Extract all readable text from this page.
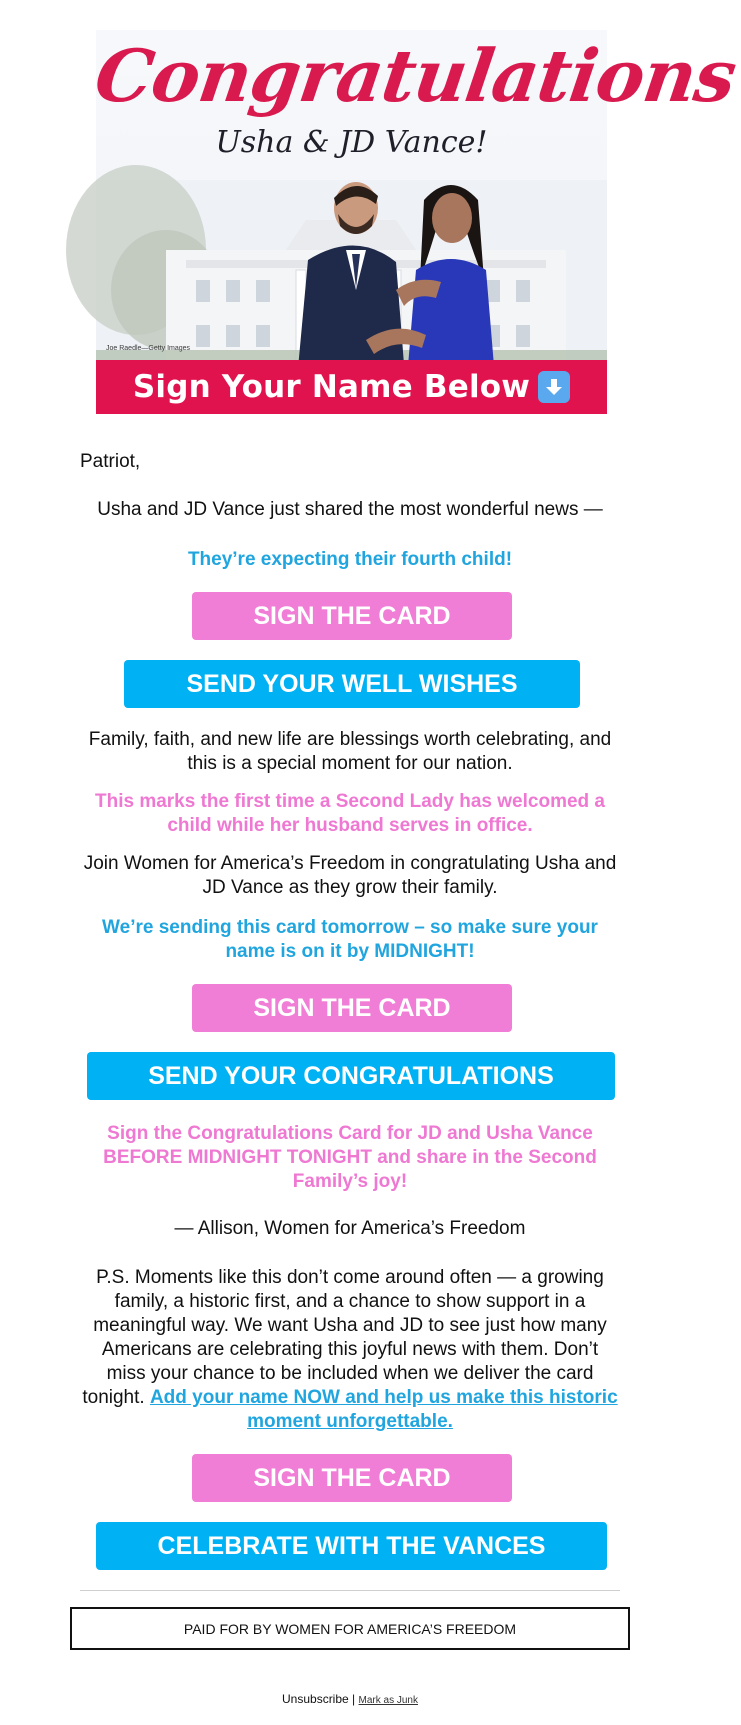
Congratulations
Usha & JD Vance!
Joe Raedle—Getty Images
Sign Your Name Below
Patriot,
Usha and JD Vance just shared the most wonderful news —
They’re expecting their fourth child!
SIGN THE CARD
SEND YOUR WELL WISHES
Family, faith, and new life are blessings worth celebrating, and this is a special moment for our nation.
This marks the first time a Second Lady has welcomed a child while her husband serves in office.
Join Women for America’s Freedom in congratulating Usha and JD Vance as they grow their family.
We’re sending this card tomorrow – so make sure your name is on it by MIDNIGHT!
SIGN THE CARD
SEND YOUR CONGRATULATIONS
Sign the Congratulations Card for JD and Usha Vance BEFORE MIDNIGHT TONIGHT and share in the Second Family’s joy!
— Allison, Women for America’s Freedom
P.S. Moments like this don’t come around often — a growing family, a historic first, and a chance to show support in a meaningful way. We want Usha and JD to see just how many Americans are celebrating this joyful news with them. Don’t miss your chance to be included when we deliver the card tonight. Add your name NOW and help us make this historic moment unforgettable.
SIGN THE CARD
CELEBRATE WITH THE VANCES
PAID FOR BY WOMEN FOR AMERICA’S FREEDOM
Unsubscribe | Mark as Junk
